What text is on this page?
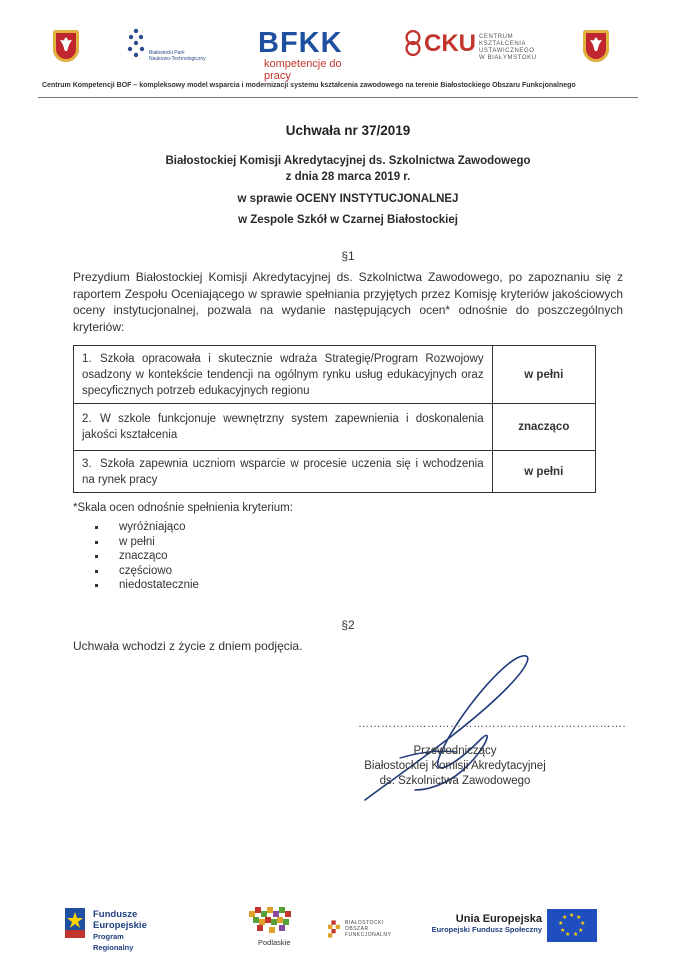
Białostocki Park
Naukowo-Technologiczny BFKK
kompetencje do pracy
CKU CENTRUM KSZTAŁCENIA
USTAWICZNEGO
W BIAŁYMSTOKU
Centrum Kompetencji BOF – kompleksowy model wsparcia i modernizacji systemu kształcenia zawodowego na terenie Białostockiego Obszaru Funkcjonalnego
Uchwała nr 37/2019
Białostockiej Komisji Akredytacyjnej ds. Szkolnictwa Zawodowego
z dnia 28 marca 2019 r.
w sprawie OCENY INSTYTUCJONALNEJ
w Zespole Szkół w Czarnej Białostockiej
§1
Prezydium Białostockiej Komisji Akredytacyjnej ds. Szkolnictwa Zawodowego, po zapoznaniu się z raportem Zespołu Oceniającego w sprawie spełniania przyjętych przez Komisję kryteriów jakościowych oceny instytucjonalnej, pozwala na wydanie następujących ocen* odnośnie do poszczególnych kryteriów:
1. Szkoła opracowała i skutecznie wdraża Strategię/Program Rozwojowy osadzony w kontekście tendencji na ogólnym rynku usług edukacyjnych oraz specyficznych potrzeb edukacyjnych regionu	w pełni
2. W szkole funkcjonuje wewnętrzny system zapewnienia i doskonalenia jakości kształcenia	znacząco
3. Szkoła zapewnia uczniom wsparcie w procesie uczenia się i wchodzenia na rynek pracy	w pełni
*Skala ocen odnośnie spełnienia kryterium:
wyróżniająco
w pełni
znacząco
częściowo
niedostatecznie
§2
Uchwała wchodzi z życie z dniem podjęcia.
…………………………………………………………….
Przewodniczący
Białostockiej Komisji Akredytacyjnej
ds. Szkolnictwa Zawodowego
Fundusze
Europejskie
Program Regionalny
Podlaskie
BIAŁOSTOCKI
OBSZAR
FUNKCJONALNY
Unia Europejska
Europejski Fundusz Społeczny
★ ★
★
★
★
★
★
★
★
